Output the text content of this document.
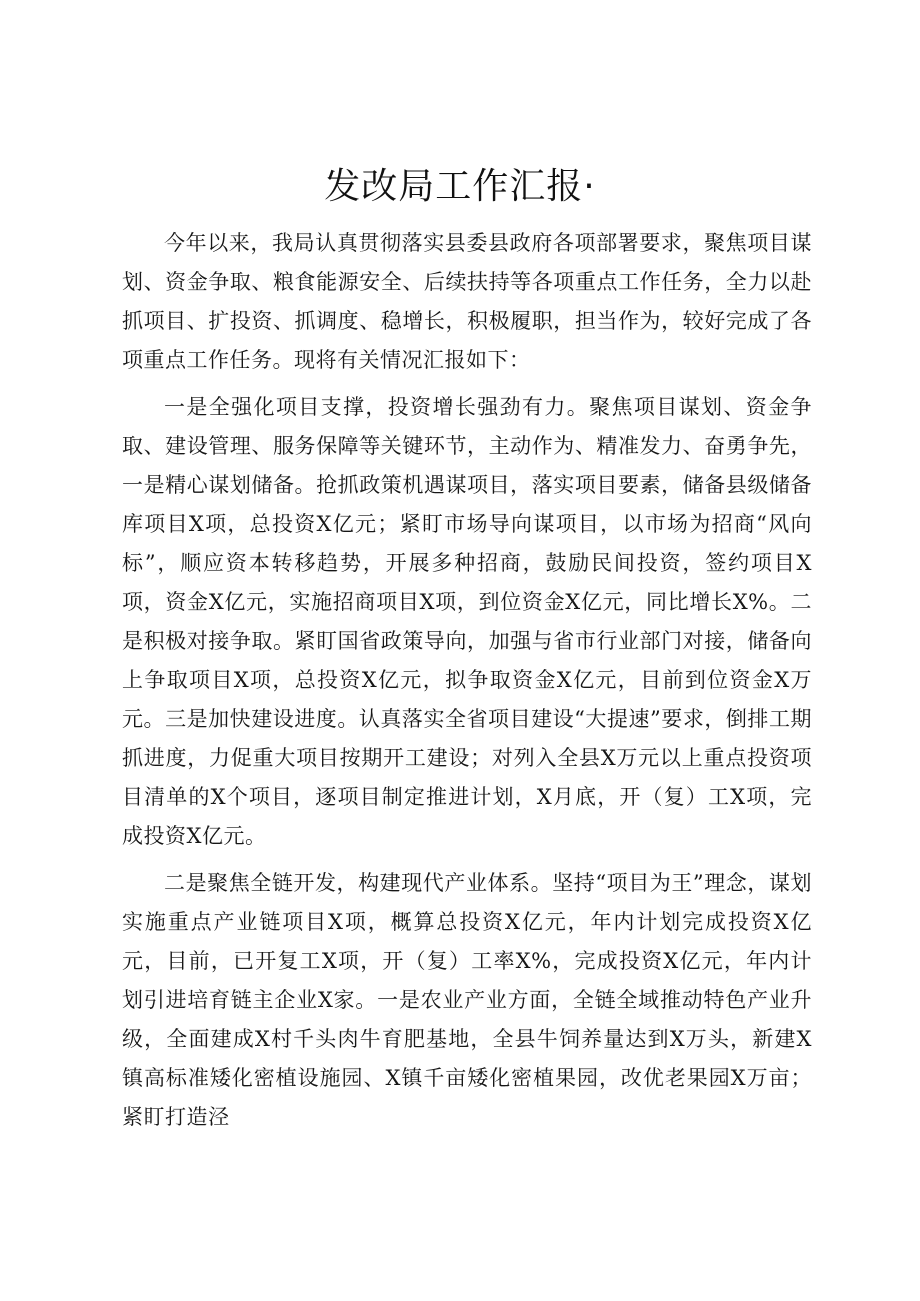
发改局工作汇报·

今年以来，我局认真贯彻落实县委县政府各项部署要求，聚焦项目谋划、资金争取、粮食能源安全、后续扶持等各项重点工作任务，全力以赴抓项目、扩投资、抓调度、稳增长，积极履职，担当作为，较好完成了各项重点工作任务。现将有关情况汇报如下：

一是全强化项目支撑，投资增长强劲有力。聚焦项目谋划、资金争取、建设管理、服务保障等关键环节，主动作为、精准发力、奋勇争先，一是精心谋划储备。抢抓政策机遇谋项目，落实项目要素，储备县级储备库项目X项，总投资X亿元；紧盯市场导向谋项目，以市场为招商“风向标”，顺应资本转移趋势，开展多种招商，鼓励民间投资，签约项目X项，资金X亿元，实施招商项目X项，到位资金X亿元，同比增长X%。二是积极对接争取。紧盯国省政策导向，加强与省市行业部门对接，储备向上争取项目X项，总投资X亿元，拟争取资金X亿元，目前到位资金X万元。三是加快建设进度。认真落实全省项目建设“大提速”要求，倒排工期抓进度，力促重大项目按期开工建设；对列入全县X万元以上重点投资项目清单的X个项目，逐项目制定推进计划，X月底，开（复）工X项，完成投资X亿元。

二是聚焦全链开发，构建现代产业体系。坚持“项目为王”理念，谋划实施重点产业链项目X项，概算总投资X亿元，年内计划完成投资X亿元，目前，已开复工X项，开（复）工率X%，完成投资X亿元，年内计划引进培育链主企业X家。一是农业产业方面，全链全域推动特色产业升级，全面建成X村千头肉牛育肥基地，全县牛饲养量达到X万头，新建X镇高标准矮化密植设施园、X镇千亩矮化密植果园，改优老果园X万亩；紧盯打造泾
